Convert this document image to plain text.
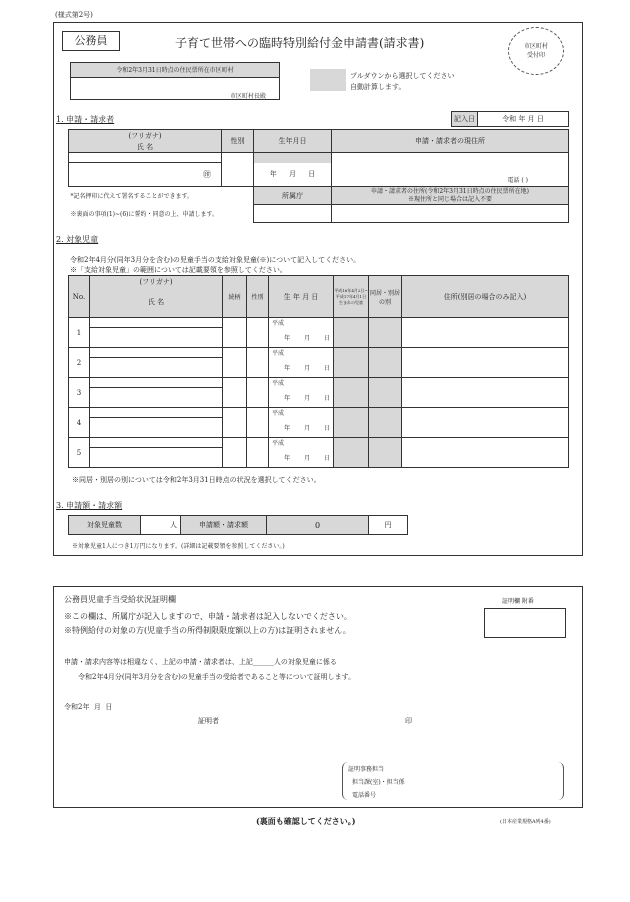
(様式第2号)
公務員	子育て世帯への臨時特別給付金申請書(請求書)	市区町村
受付印
令和2年3月31日時点の住民票所在市区町村
市区町村長殿
プルダウンから選択してください
自動計算します。
1. 申請・請求者	記入日	令和 年 月 日
(フリガナ)	性別	生年月日	申請・請求者の現住所
氏 名			
			電話 ( )
㊞		年 月 日	
*記名押印に代えて署名することができます。		所属庁	申請・請求者の住所(令和2年3月31日時点の住民票所在地)
※現住所と同じ場合は記入不要

※裏面の事項(1)~(6)に誓約・同意の上、申請します。			
2. 対象児童
令和2年4月分(同年3月分を含む)の児童手当の支給対象児童(※)について記入してください。
※「支給対象児童」の範囲については記載要領を参照してください。
No.	(フリガナ)	続柄	性別	生 年 月 日	平成16年4月2日~平成17年4月1日生まれの児童	同居・別居の別	住所(別居の場合のみ記入)
	氏 名						
1				平成			
				年 月 日			
2				平成			
				年 月 日			
3				平成			
				年 月 日			
4				平成			
				年 月 日			
5				平成			
				年 月 日			
※同居・別居の別については令和2年3月31日時点の状況を選択してください。
3. 申請額・請求額
対象児童数	人	申請額・請求額	0	円
※対象児童1人につき1万円になります。(詳細は記載要領を参照してください。)
公務員児童手当受給状況証明欄	証明欄 附番
※この欄は、所属庁が記入しますので、申請・請求者は記入しないでください。
※特例給付の対象の方(児童手当の所得制限限度額以上の方)は証明されません。
申請・請求内容等は相違なく、上記の申請・請求者は、上記______人の対象児童に係る
令和2年4月分(同年3月分を含む)の児童手当の受給者であること等について証明します。
令和2年  月  日
証明者	印
証明事務担当
担当課(室)・担当係
電話番号
(裏面も確認してください。)	(日本産業規格A列4番)
